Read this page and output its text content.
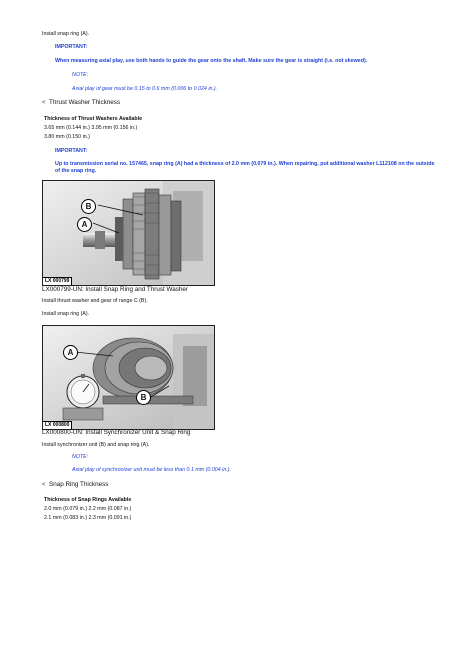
Install snap ring (A).
IMPORTANT:
When measuring axial play, use both hands to guide the gear onto the shaft. Make sure the gear is straight (i.e. not skewed).
NOTE:
Axial play of gear must be 0.15 to 0.6 mm (0.006 to 0.024 in.).
< Thrust Washer Thickness
Thickness of Thrust Washers Available
3.65 mm (0.144 in.) 3.95 mm (0.156 in.)
3.80 mm (0.150 in.)
IMPORTANT:
Up to transmission serial no. 157465, snap ring (A) had a thickness of 2.0 mm (0.079 in.). When repairing, put additional washer L112108 on the outside
of the snap ring.
B
A
LX 000799
LX000799-UN: Install Snap Ring and Thrust Washer
Install thrust washer and gear of range C (B).
Install snap ring (A).
A
B
LX 000800
LX000800-UN: Install Synchronizer Unit & Snap Ring
Install synchronizer unit (B) and snap ring (A).
NOTE:
Axial play of synchronizer unit must be less than 0.1 mm (0.004 in.).
< Snap Ring Thickness
Thickness of Snap Rings Available
2.0 mm (0.079 in.) 2.2 mm (0.087 in.)
2.1 mm (0.083 in.) 2.3 mm (0.091 in.)
